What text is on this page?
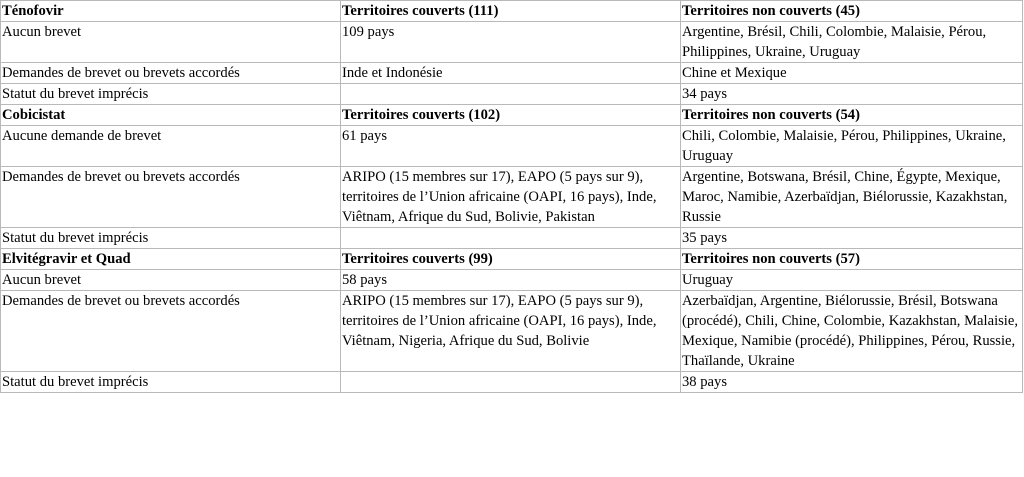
Ténofovir	Territoires couverts (111)	Territoires non couverts (45)
Aucun brevet	109 pays	Argentine, Brésil, Chili, Colombie, Malaisie, Pérou, Philippines, Ukraine, Uruguay
Demandes de brevet ou brevets accordés	Inde et Indonésie	Chine et Mexique
Statut du brevet imprécis		34 pays
Cobicistat	Territoires couverts (102)	Territoires non couverts (54)
Aucune demande de brevet	61 pays	Chili, Colombie, Malaisie, Pérou, Philippines, Ukraine, Uruguay
Demandes de brevet ou brevets accordés	ARIPO (15 membres sur 17), EAPO (5 pays sur 9), territoires de l’Union africaine (OAPI, 16 pays), Inde, Viêtnam, Afrique du Sud, Bolivie, Pakistan	Argentine, Botswana, Brésil, Chine, Égypte, Mexique, Maroc, Namibie, Azerbaïdjan, Biélorussie, Kazakhstan, Russie
Statut du brevet imprécis		35 pays
Elvitégravir et Quad	Territoires couverts (99)	Territoires non couverts (57)
Aucun brevet	58 pays	Uruguay
Demandes de brevet ou brevets accordés	ARIPO (15 membres sur 17), EAPO (5 pays sur 9), territoires de l’Union africaine (OAPI, 16 pays), Inde, Viêtnam, Nigeria, Afrique du Sud, Bolivie	Azerbaïdjan, Argentine, Biélorussie, Brésil, Botswana (procédé), Chili, Chine, Colombie, Kazakhstan, Malaisie, Mexique, Namibie (procédé), Philippines, Pérou, Russie, Thaïlande, Ukraine
Statut du brevet imprécis		38 pays
